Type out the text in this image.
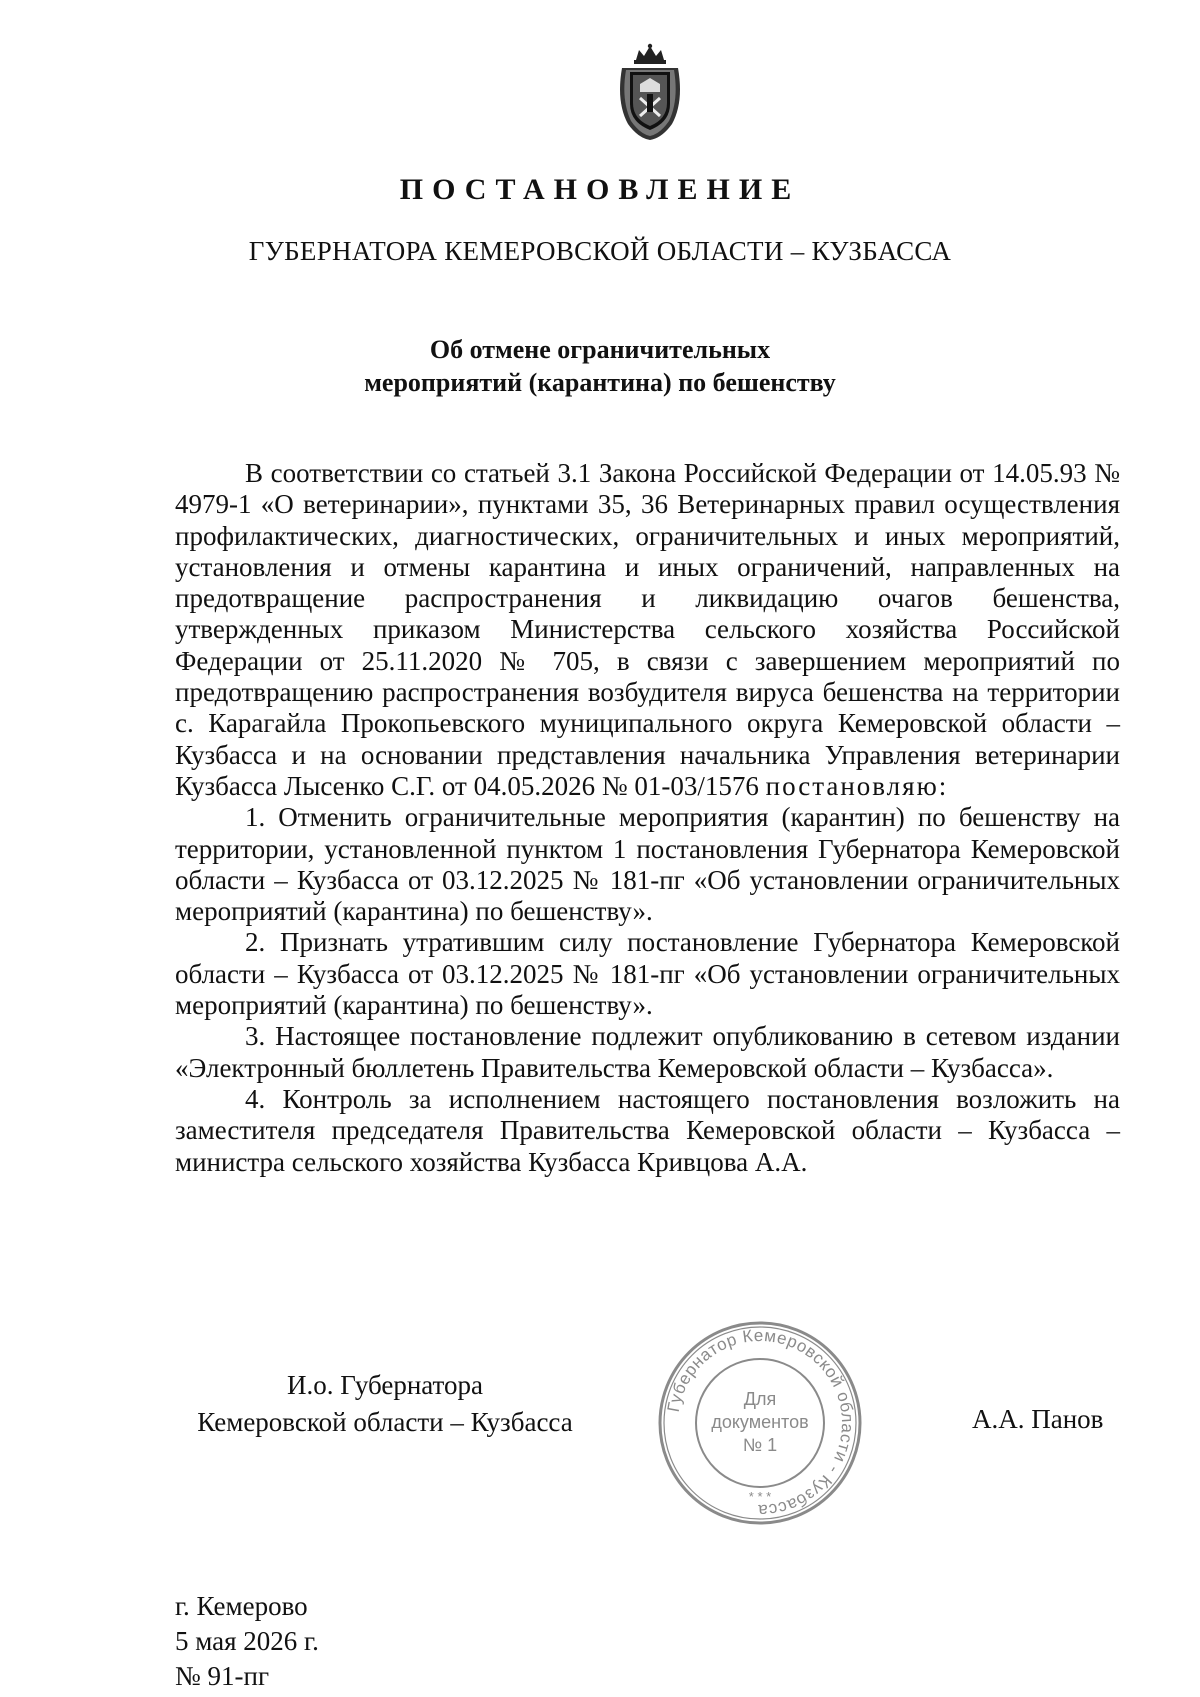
ПОСТАНОВЛЕНИЕ
ГУБЕРНАТОРА КЕМЕРОВСКОЙ ОБЛАСТИ – КУЗБАССА
Об отмене ограничительных
мероприятий (карантина) по бешенству

В соответствии со статьей 3.1 Закона Российской Федерации от 14.05.93 № 4979-1 «О ветеринарии», пунктами 35, 36 Ветеринарных правил осуществления профилактических, диагностических, ограничительных и иных мероприятий, установления и отмены карантина и иных ограничений, направленных на предотвращение распространения и ликвидацию очагов бешенства, утвержденных приказом Министерства сельского хозяйства Российской Федерации от 25.11.2020 № 705, в связи с завершением мероприятий по предотвращению распространения возбудителя вируса бешенства на территории с. Карагайла Прокопьевского муниципального округа Кемеровской области – Кузбасса и на основании представления начальника Управления ветеринарии Кузбасса Лысенко С.Г. от 04.05.2026 № 01-03/1576 постановляю:

1. Отменить ограничительные мероприятия (карантин) по бешенству на территории, установленной пунктом 1 постановления Губернатора Кемеровской области – Кузбасса от 03.12.2025 № 181-пг «Об установлении ограничительных мероприятий (карантина) по бешенству».

2. Признать утратившим силу постановление Губернатора Кемеровской области – Кузбасса от 03.12.2025 № 181-пг «Об установлении ограничительных мероприятий (карантина) по бешенству».

3. Настоящее постановление подлежит опубликованию в сетевом издании «Электронный бюллетень Правительства Кемеровской области – Кузбасса».

4. Контроль за исполнением настоящего постановления возложить на заместителя председателя Правительства Кемеровской области – Кузбасса – министра сельского хозяйства Кузбасса Кривцова А.А.

И.о. Губернатора
Кемеровской области – Кузбасса	Губернатор Кемеровской области - Кузбасса
* * *
Для
документов
№ 1
А.А. Панов
г. Кемерово
5 мая 2026 г.
№ 91-пг
